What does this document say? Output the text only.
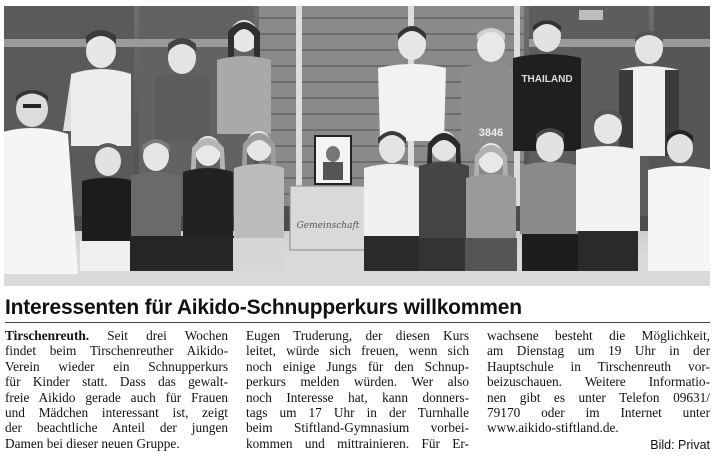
3846
THAILAND
Gemeinschaft
Interessenten für Aikido-Schnupperkurs willkommen
Tirschenreuth. Seit drei Wochen
findet beim Tirschenreuther Aikido-
Verein wieder ein Schnupperkurs
für Kinder statt. Dass das gewalt-
freie Aikido gerade auch für Frauen
und Mädchen interessant ist, zeigt
der beachtliche Anteil der jungen
Damen bei dieser neuen Gruppe.
Eugen Truderung, der diesen Kurs
leitet, würde sich freuen, wenn sich
noch einige Jungs für den Schnup-
perkurs melden würden. Wer also
noch Interesse hat, kann donners-
tags um 17 Uhr in der Turnhalle
beim Stiftland-Gymnasium vorbei-
kommen und mittrainieren. Für Er-
wachsene besteht die Möglichkeit,
am Dienstag um 19 Uhr in der
Hauptschule in Tirschenreuth vor-
beizuschauen. Weitere Informatio-
nen gibt es unter Telefon 09631/
79170 oder im Internet unter
www.aikido-stiftland.de.
Bild: Privat
